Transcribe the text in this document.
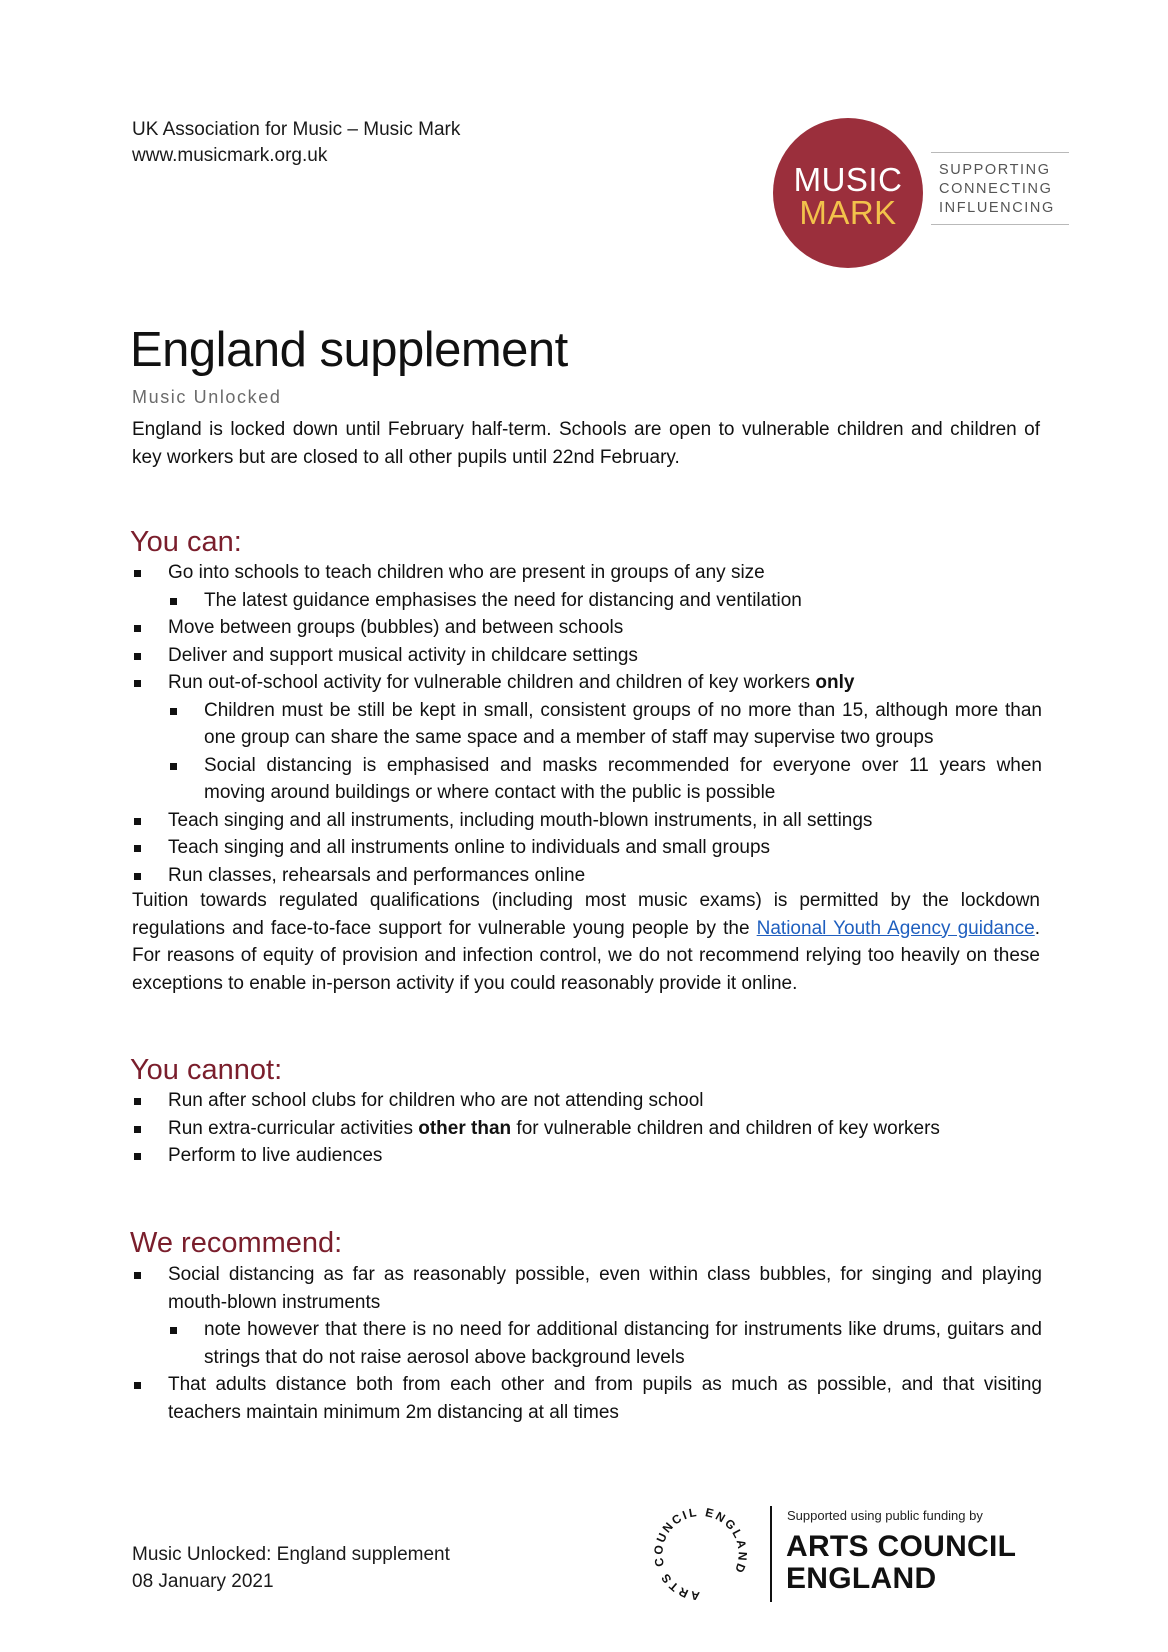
UK Association for Music – Music Mark
www.musicmark.org.uk
MUSIC
MARK
SUPPORTING
CONNECTING
INFLUENCING
England supplement
Music Unlocked
England is locked down until February half-term. Schools are open to vulnerable children and children of key workers but are closed to all other pupils until 22nd February.
You can:
Go into schools to teach children who are present in groups of any size
The latest guidance emphasises the need for distancing and ventilation
Move between groups (bubbles) and between schools
Deliver and support musical activity in childcare settings
Run out-of-school activity for vulnerable children and children of key workers only
Children must be still be kept in small, consistent groups of no more than 15, although more than one group can share the same space and a member of staff may supervise two groups
Social distancing is emphasised and masks recommended for everyone over 11 years when moving around buildings or where contact with the public is possible
Teach singing and all instruments, including mouth-blown instruments, in all settings
Teach singing and all instruments online to individuals and small groups
Run classes, rehearsals and performances online
Tuition towards regulated qualifications (including most music exams) is permitted by the lockdown regulations and face-to-face support for vulnerable young people by the National Youth Agency guidance. For reasons of equity of provision and infection control, we do not recommend relying too heavily on these exceptions to enable in-person activity if you could reasonably provide it online.
You cannot:
Run after school clubs for children who are not attending school
Run extra-curricular activities other than for vulnerable children and children of key workers
Perform to live audiences
We recommend:
Social distancing as far as reasonably possible, even within class bubbles, for singing and playing mouth-blown instruments
note however that there is no need for additional distancing for instruments like drums, guitars and strings that do not raise aerosol above background levels
That adults distance both from each other and from pupils as much as possible, and that visiting teachers maintain minimum 2m distancing at all times
Music Unlocked: England supplement
08 January 2021
ARTS COUNCIL ENGLAND
Supported using public funding by
ARTS COUNCIL
ENGLAND
